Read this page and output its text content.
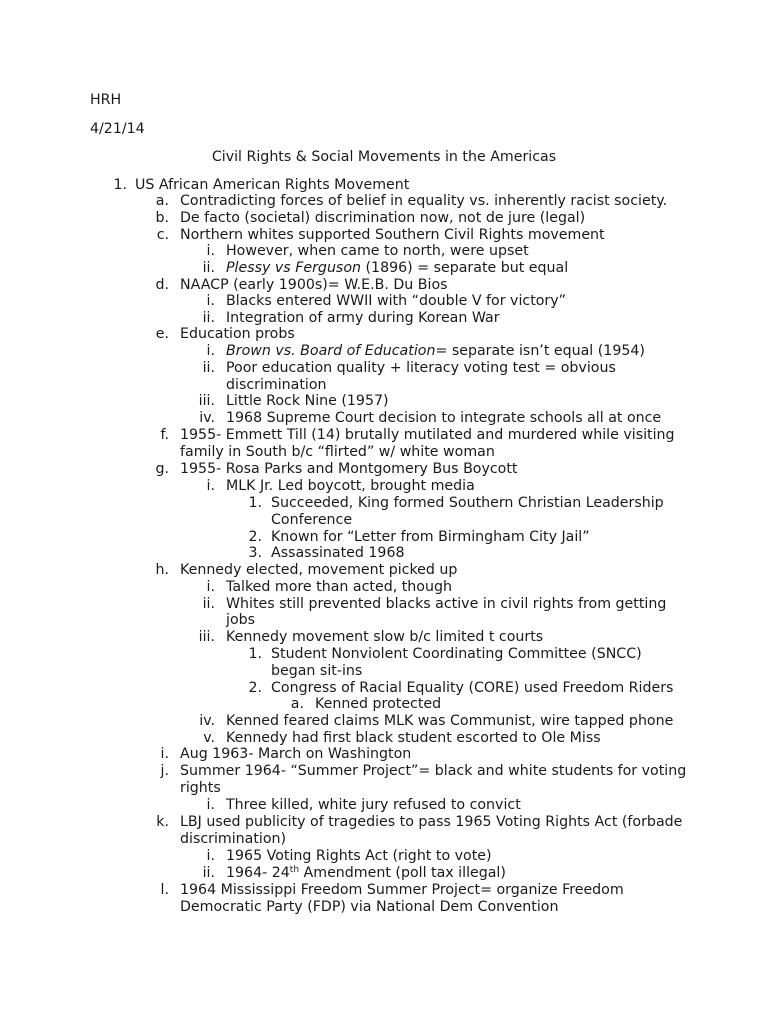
HRH
4/21/14
Civil Rights & Social Movements in the Americas
1. US African American Rights Movement
a. Contradicting forces of belief in equality vs. inherently racist society.
b. De facto (societal) discrimination now, not de jure (legal)
c. Northern whites supported Southern Civil Rights movement
i. However, when came to north, were upset
ii. Plessy vs Ferguson (1896) = separate but equal
d. NAACP (early 1900s)= W.E.B. Du Bios
i. Blacks entered WWII with “double V for victory”
ii. Integration of army during Korean War
e. Education probs
i. Brown vs. Board of Education= separate isn’t equal (1954)
ii. Poor education quality + literacy voting test = obvious
discrimination
iii. Little Rock Nine (1957)
iv. 1968 Supreme Court decision to integrate schools all at once
f. 1955- Emmett Till (14) brutally mutilated and murdered while visiting
family in South b/c “flirted” w/ white woman
g. 1955- Rosa Parks and Montgomery Bus Boycott
i. MLK Jr. Led boycott, brought media
1. Succeeded, King formed Southern Christian Leadership
Conference
2. Known for “Letter from Birmingham City Jail”
3. Assassinated 1968
h. Kennedy elected, movement picked up
i. Talked more than acted, though
ii. Whites still prevented blacks active in civil rights from getting
jobs
iii. Kennedy movement slow b/c limited t courts
1. Student Nonviolent Coordinating Committee (SNCC)
began sit-ins
2. Congress of Racial Equality (CORE) used Freedom Riders
a. Kenned protected
iv. Kenned feared claims MLK was Communist, wire tapped phone
v. Kennedy had first black student escorted to Ole Miss
i. Aug 1963- March on Washington
j. Summer 1964- “Summer Project”= black and white students for voting
rights
i. Three killed, white jury refused to convict
k. LBJ used publicity of tragedies to pass 1965 Voting Rights Act (forbade
discrimination)
i. 1965 Voting Rights Act (right to vote)
ii. 1964- 24th Amendment (poll tax illegal)
l. 1964 Mississippi Freedom Summer Project= organize Freedom
Democratic Party (FDP) via National Dem Convention
